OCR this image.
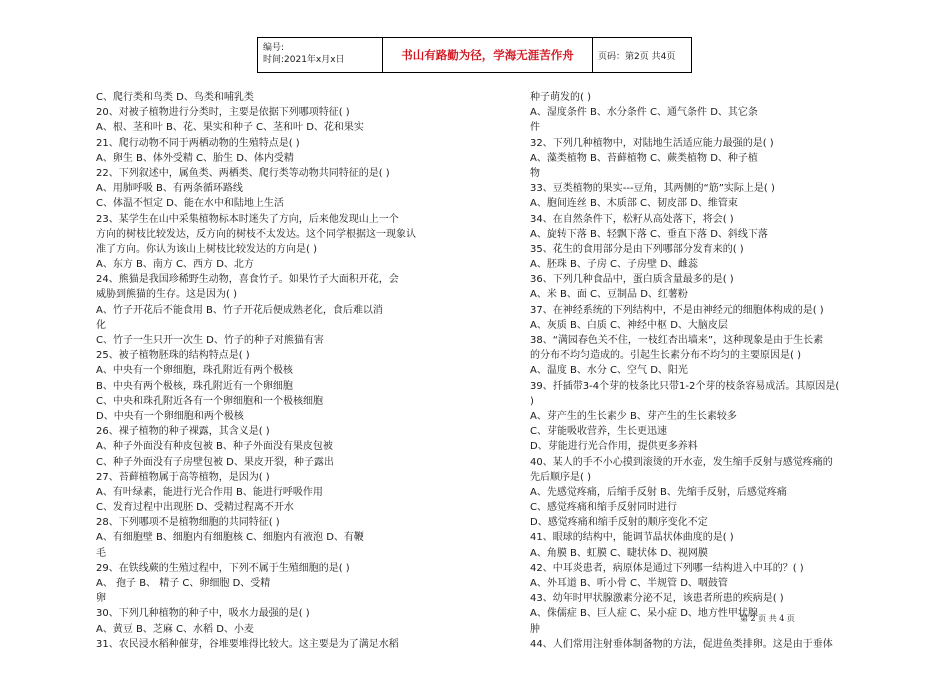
编号:
时间:2021年x月x日	书山有路勤为径，学海无涯苦作舟	页码：第2页 共4页
C、爬行类和鸟类 D、鸟类和哺乳类
20、对被子植物进行分类时，主要是依据下列哪项特征( )
A、根、茎和叶 B、花、果实和种子 C、茎和叶 D、花和果实
21、爬行动物不同于两栖动物的生殖特点是( )
A、卵生 B、体外受精 C、胎生 D、体内受精
22、下列叙述中，属鱼类、两栖类、爬行类等动物共同特征的是( )
A、用肺呼吸 B、有两条循环路线
C、体温不恒定 D、能在水中和陆地上生活
23、某学生在山中采集植物标本时迷失了方向，后来他发现山上一个
方向的树枝比较发达，反方向的树枝不太发达。这个同学根据这一现象认
准了方向。你认为该山上树枝比较发达的方向是( )
A、东方 B、南方 C、西方 D、北方
24、熊猫是我国珍稀野生动物，喜食竹子。如果竹子大面积开花，会
威胁到熊猫的生存。这是因为( )
A、竹子开花后不能食用 B、竹子开花后便成熟老化，食后难以消
化
C、竹子一生只开一次生 D、竹子的种子对熊猫有害
25、被子植物胚珠的结构特点是( )
A、中央有一个卵细胞，珠孔附近有两个极核
B、中央有两个极核，珠孔附近有一个卵细胞
C、中央和珠孔附近各有一个卵细胞和一个极核细胞
D、中央有一个卵细胞和两个极核
26、裸子植物的种子裸露，其含义是( )
A、种子外面没有种皮包被 B、种子外面没有果皮包被
C、种子外面没有子房壁包被 D、果皮开裂，种子露出
27、苔藓植物属于高等植物，是因为( )
A、有叶绿素，能进行光合作用 B、能进行呼吸作用
C、发育过程中出现胚 D、受精过程离不开水
28、下列哪项不是植物细胞的共同特征( )
A、有细胞壁 B、细胞内有细胞核 C、细胞内有液泡 D、有鞭
毛
29、在铁线蕨的生殖过程中，下列不属于生殖细胞的是( )
A、 孢子 B、 精子 C、卵细胞 D、受精
卵
30、下列几种植物的种子中，吸水力最强的是( )
A、黄豆 B、芝麻 C、水稻 D、小麦
31、农民浸水稻种催芽，谷堆要堆得比较大。这主要是为了满足水稻
种子萌发的( )
A、湿度条件 B、水分条件 C、通气条件 D、其它条
件
32、下列几种植物中，对陆地生活适应能力最强的是( )
A、藻类植物 B、苔藓植物 C、蕨类植物 D、种子植
物
33、豆类植物的果实---豆角，其两侧的“筋”实际上是( )
A、胞间连丝 B、木质部 C、韧皮部 D、维管束
34、在自然条件下，松籽从高处落下，将会( )
A、旋转下落 B、轻飘下落 C、垂直下落 D、斜线下落
35、花生的食用部分是由下列哪部分发育来的( )
A、胚珠 B、子房 C、子房壁 D、雌蕊
36、下列几种食品中，蛋白质含量最多的是( )
A、米 B、面 C、豆制品 D、红薯粉
37、在神经系统的下列结构中，不是由神经元的细胞体构成的是( )
A、灰质 B、白质 C、神经中枢 D、大脑皮层
38、“满园春色关不住，一枝红杏出墙来”，这种现象是由于生长素
的分布不均匀造成的。引起生长素分布不均匀的主要原因是( )
A、温度 B、水分 C、空气 D、阳光
39、扦插带3-4个芽的枝条比只带1-2个芽的枝条容易成活。其原因是(
)
A、芽产生的生长素少 B、芽产生的生长素较多
C、芽能吸收营养，生长更迅速
D、芽能进行光合作用，提供更多养料
40、某人的手不小心摸到滚烫的开水壶，发生缩手反射与感觉疼痛的
先后顺序是( )
A、先感觉疼痛，后缩手反射 B、先缩手反射，后感觉疼痛
C、感觉疼痛和缩手反射同时进行
D、感觉疼痛和缩手反射的顺序变化不定
41、眼球的结构中，能调节晶状体曲度的是( )
A、角膜 B、虹膜 C、睫状体 D、视网膜
42、中耳炎患者，病原体是通过下列哪一结构进入中耳的？( )
A、外耳道 B、听小骨 C、半规管 D、咽鼓管
43、幼年时甲状腺激素分泌不足，该患者所患的疾病是( )
A、侏儒症 B、巨人症 C、呆小症 D、地方性甲状腺
肿
44、人们常用注射垂体制备物的方法，促进鱼类排卵。这是由于垂体
第 2 页 共 4 页
